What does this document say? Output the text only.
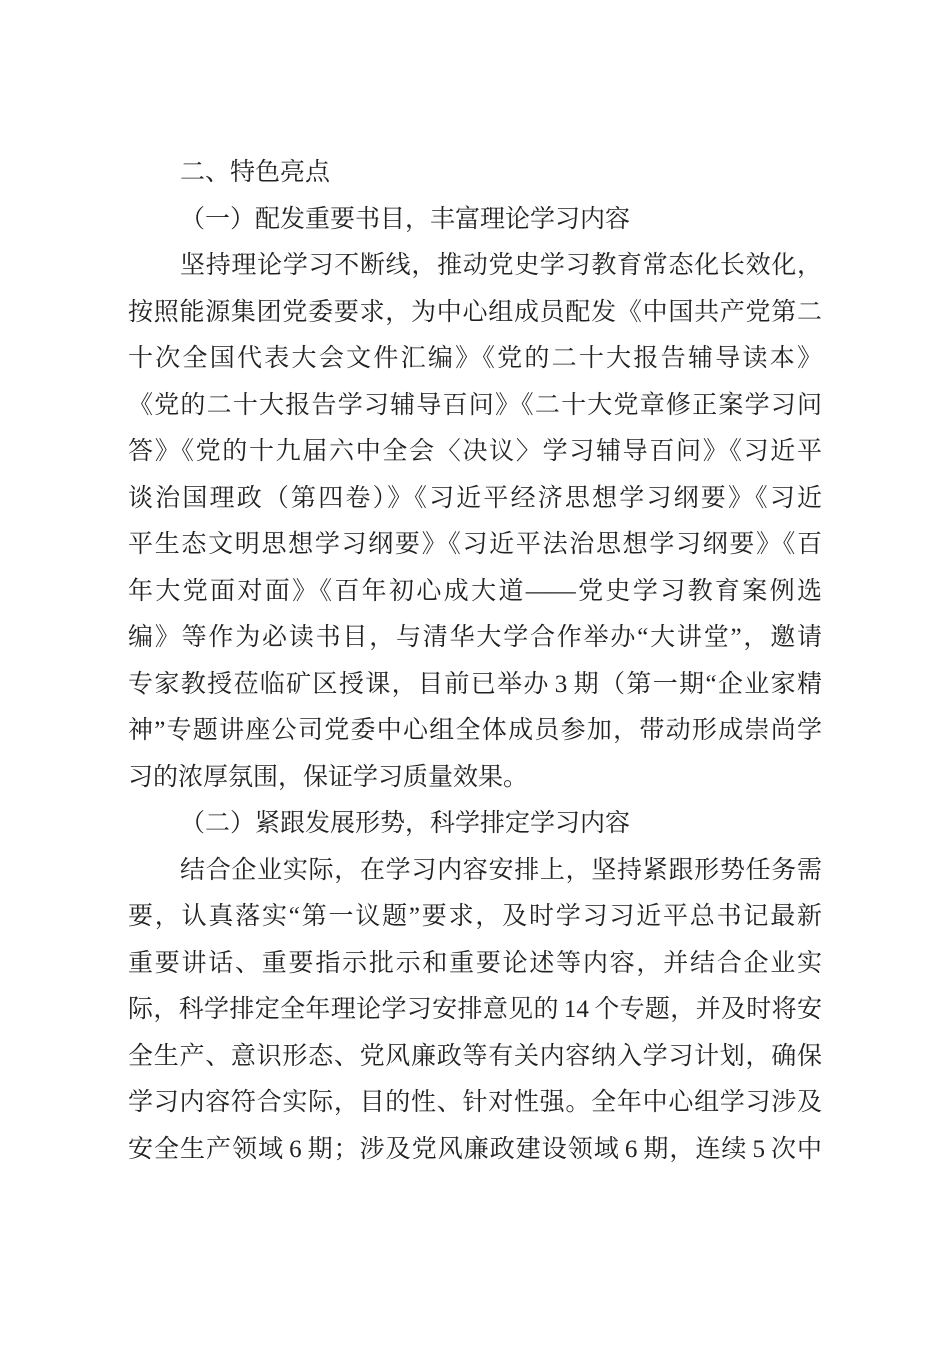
二、特色亮点
（一）配发重要书目，丰富理论学习内容
坚持理论学习不断线，推动党史学习教育常态化长效化，
按照能源集团党委要求，为中心组成员配发《中国共产党第二
十次全国代表大会文件汇编》《党的二十大报告辅导读本》
《党的二十大报告学习辅导百问》《二十大党章修正案学习问
答》《党的十九届六中全会〈决议〉学习辅导百问》《习近平
谈治国理政（第四卷）》《习近平经济思想学习纲要》《习近
平生态文明思想学习纲要》《习近平法治思想学习纲要》《百
年大党面对面》《百年初心成大道——党史学习教育案例选
编》等作为必读书目，与清华大学合作举办“大讲堂”，邀请
专家教授莅临矿区授课，目前已举办 3 期（第一期“企业家精
神”专题讲座公司党委中心组全体成员参加，带动形成崇尚学
习的浓厚氛围，保证学习质量效果。
（二）紧跟发展形势，科学排定学习内容
结合企业实际，在学习内容安排上，坚持紧跟形势任务需
要，认真落实“第一议题”要求，及时学习习近平总书记最新
重要讲话、重要指示批示和重要论述等内容，并结合企业实
际，科学排定全年理论学习安排意见的 14 个专题，并及时将安
全生产、意识形态、党风廉政等有关内容纳入学习计划，确保
学习内容符合实际，目的性、针对性强。全年中心组学习涉及
安全生产领域 6 期；涉及党风廉政建设领域 6 期，连续 5 次中
